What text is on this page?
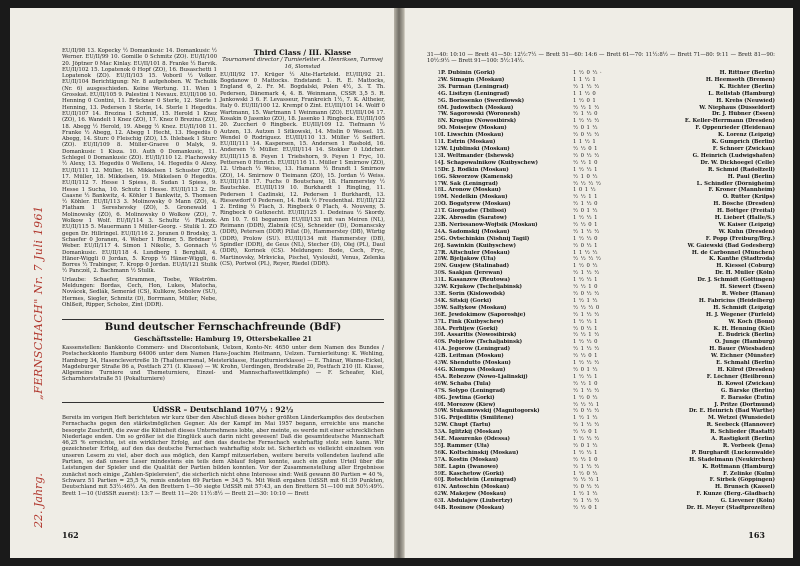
„FERNSCHACH" Nr. 7 Juli 1961
22. Jahrg.
EU/II/98 13. Kopecky ½ Domankusic 14. Domankusic ½ Werner. EU/II/99 10. Gomille 0 Schmitz (ZO). EU/II/100 20. Jöptner 0 Mac Kinlay. EU/II/101 8. Franke ½ Barvik. EU/II/102 15. Lopatenok 0 Hopf (ZO), 16. Busaschetti 1 Lopatenok (ZO). EU/II/103 15. Voboril ½ Volker. EU/II/104 Berichtigung: Nr. 8 aufgehoben. W. Tschulik (Nr. 6) ausgeschieden. Keine Wertung. 11. Wien 1 Grosskat. EU/II/105 9. Palestini 1 Nevaux. EU/II/106 10. Henning 0 Contini, 11. Brückner 0 Sterle, 12. Sterle 1 Henning, 13. Pedersen 1 Sterle, 14. Sterle 1 Hegedüs. EU/II/107 14. Brezina 1 Schmid, 15. Herold 1 Knez (ZO), 16. Wandelt 1 Knez (ZO), 17. Knez 0 Brezina (ZO), 18. Abegg ½ Herold, 19. Abegg ½ Knez. EU/II/108 11. Franke ½ Abegg, 12. Abegg 1 Hecht, 13. Hegedüs 0 Abegg, 14. Sturc 0 Fleischig (ZO), 15. Ihlebaek 1 Sturc (ZO). EU/II/109 8. Müller-Graeve 0 Malyk, 9. Domankusic 1 Kisza. 10. Auth 0 Domankusic, 11. Schlegel 0 Domankusic (ZO). EU/II/110 12. Flachowsky ½ Alexy, 13. Hegedüs 0 Wellens, 14. Hegedüs 0 Alexy. EU/II/111 12. Müller, 16. Mikkelsen 1 Schuster (ZO), 17. Müller, 18. Mikkelsen, 19. Mikkelsen 0 Hegedüs. EU/II/112 7. Hesse 1 Spiess, 8. Sudan 1 Spiess, 9. Hesse 1 Sucha, 10. Schutz 1 Hesse. EU/II/113 2. Dr. Caasne ½ Bankwitz, 4. Köhler 1 Bankwitz, 5. Thomsen ½ Köhler. EU/II/113 3. Molinowsky 0 Mann (ZO), 4. Flatham 1 Sereshevsky (ZO), 5. Gronewald 1 Molinowsky (ZO), 6. Molinowsky 0 Wolkow (ZO), 7. Wolkow 1 Wolf. EU/II/114 3. Schultz ½ Flatzek. EU/II/115 5. Mauermann 1 Müller-Georg. - Stulik 1. ZO gegen Dr. Hillringel. EU/II/116 2. Joranen 0 Brodsky, 3. Schaefer 0 Joranen, 4. Weber 1 Römer, 5. Brödner 1 Weber. EU/II/117 4. Simon 1 Nikolic, 5. Gonnach ½ Domankusic. EU/II/118 4. Lundberg 1 Berghäll, 4. Häner-Wiggli 0 Jordan, 5. Kropp ½ Häner-Wiggli, 6. Borres ½ Trabinger, 7. Kropp 0 Jordan. EU/II/121 Stulik ½ Panczél, 2. Bachmann ½ Stulik.
Urlaube: Schaefer, Strammen, Toebe, Wikström. Meldungen: Bordas, Cech, Hon, Lukes, Matocha, Novácek, Sedlák, Semerád (CS), Kulikow, Sobolew (SU), Hermes, Siegler, Schmitz (D), Borrmann, Müller, Nebe, Ohlßeit, Ripper, Scholze, Zint (DDR).
Third Class / III. Klasse
Tournament director / Turnierleiter A. Henriksen, Turmvej 16, Slomstad
EU/III/92 17. Krüger ½ Alte-Hartzfeld. EU/III/92 21. Bogdanow 0 Mattocks. Endstand: 1. R. E. Mattocks, England 6, 2. Fr. M. Bogdalski, Polen 4½, 3. T. Th. Pedersen, Dänemark 4, 4. B. Weinmann, CSSR 3,5 5. R. Jankowski 3 6. F. Levasseur, Frankreich 1½, 7. K. Altheier, Italy 0. EU/III/100 12. Krempf 0 Zint. EU/III/101 14. Wolff 0 Wartmann, 15. Wartmann 1 Weinmann (ZO). EU/III/104 17. Kosakin 0 Jasenko (ZO), 18. Jasenko 1 Ringbeck. EU/III/105 20. Zuccheri 0 Ringbeck. EU/III/109 12. Tiefmann ½ Autzen, 13. Autzen 1 Sitkowski, 14. Mislin 0 Wessel. 15. Wendel 0 Rodriguez. EU/III/110 13. Müller ½ Seiffert. EU/III/111 14. Kaspersen, 15. Andersen 1 Rasbold, 16. Andersen ½ Müller. EU/III/114 14. Stokker 0 Lüdcher. EU/III/115 8. Feyen 1 Triebshorn, 9. Feyen 1 Fryc, 10. Pettersen 0 Hinrich. EU/III/116 11. Müller 1 Smirnow (ZO), 12. Urbach ½ Weiss, 13. Hamann ½ Brandt 1 Smirnow (ZO), 14. Smirnow 0 Tieimann (ZO), 15. Jordan ½ Weiss. EU/III/118 17. Fuchs 0 Boutschaw, 18. Hammerstey ½ Bautschke. EU/III/119 10. Burkhardt 1 Ringling, 11. Pedersen 1 Cazlinski, 12. Pedersen 1 Burkhardt, 13. Riesewdorf 0 Pedersen, 14. Reik ½ Freudenthal. EU/III/122 2. Erding ½ Flach, 3. Ringbeck 0 Flach, 4. Nouveny, 5. Ringbeck 0 Gutknecht. EU/III/125 1. Dedeinau ½ Skordy. Am 10. 7. 61 begannen EU/III/133 mit van Meiren (NL), Reimann (DDR), Zlabnik (CS), Schneider (D), Domanscsky (DDR), Petersen (DDR) Pillat (D), Hammerstey (DB), Würtig (DDR), Prolow (SU). EU/III/134 mit Hammerstey (DB), Spindler (DDR), de Geus (NL), Stecher (D), Olej (PL), Daul (DDR), Korinek (CS). Meldungen: Bode, Cech, Fryc, Martinovsky, Mrkvicka, Pischel, Vysloužil, Venus, Zelenka (CS), Portwol (PL), Reyer, Riedel (DDR).
Bund deutscher Fernschachfreunde (BdF)
Geschäftsstelle: Hamburg 19, Ottersbekallee 21
Kassenstellen: Bankkonto Commerz- und Discontobank, Uelzen, Konto-Nr. 4650 unter dem Namen des Bundes / Postscheckkonto Hamburg 64006 unter dem Namen Hans-Joachim Heitmann, Uelzen. Turnierleitung: K. Wehling, Hamburg 34, Hasenclevertreße 1b (Thaltenernenal, Meisterklasse, Hauptturnierklasse) — E. Thänar, Wanne-Eickel, Magdeburger Straße 86 a, Postfach 271 (I. Klasse) — W. Krohn, Uerdingen, Brodstraße 20, Postfach 210 (II. Klasse, Allgemeine Turniere und Themeturniere, Einzel- und Mannschaftswettkämpfe) — F. Scheafer, Kiel, Scharnhorststraße 51 (Pokalturniere)
UdSSR – Deutschland 107½ : 92½
Bereits im vorigen Heft berichteten wir kurz über den Abschluß dieses bisher größten Länderkampfes des deutschen Fernschachs gegen den stärkstmöglichen Gegner. Als der Kampf im Mai 1957 begann, erreichte uns manche besorgte Zuschrift, die zwar die Kühnheit dieses Unternehmens lobte, aber meinte, es werde mit einer schrecklichen Niederlage enden. Um so größer ist die Einglück auch darin nicht gewesen! Daß die gesamtdeutsche Mannschaft 46,25 % erreichte, ist ein wirklicher Erfolg, auf den das deutsche Fernschach wahrhaftig stolz sein kann. Wir gezeichneter Erfolg, auf den das deutsche Fernschach wahrhaftig stolz ist. Sicherlich es vielleicht einzelnen von unseren Lesern zu viel, aber doch aus möglich, den Kampf mitzuerleben, weitere bereits vollendeten laufend alle Partien, so daß unsere Leser mindestens ein teils dem Ablauf folgen konnte, auch ein guten Urteil über die Leistungen der Spieler und die Qualität der Partien bilden konnten. Vor der Zusammenstellung aller Ergebnisse zunächst noch einige „Zahlen-Spielereien", die sicherlich nicht ohne Interesse sind: Weiß gewann 80 Partien = 40 %, Schwarz 51 Partien = 25,5 %, remis endeten 69 Partien = 34,5 %. Mit Weiß ergaben UdSSR mit 61:39 Punkten, Deutschland mit 53½:46½. An den Brettern 1—50 siegte UdSSR mit 57:43, an den Brettern 51—100 mit 50½:49½. Brett 1—10 (UdSSR zuerst): 13:7 — Brett 11—20: 11½:8½ — Brett 21—30: 10:10 — Brett
162
31—40: 10:10 — Brett 41—50: 12½:7½ — Brett 51—60: 14:6 — Brett 61—70: 11½:8½ — Brett 71—80: 9:11 — Brett 81—90: 10½:9½ — Brett 91—100: 5½:14½.
1	P. Dubinin (Gorki)	1 ½ 0 ½ ·	H. Rittner (Berlin)
2	W. Simagin (Moskau)	1 1 ½ 1	H. Heemsoth (Bremen)
3	S. Furman (Leningrad)	½ 1 ½ ½	K. Richter (Berlin)
4	G. Lisitzyn (Leningrad)	1 1 ½ 0	L. Rellstab (Hamburg)
5	G. Borissenko (Swerdlowsk)	1 ½ 0 1	H. Krebs (Neuwied)
6	M. Judowitsch (Moskau)	½ ½ 1 ½	W. Niephaus (Düsseldorf)
7	W. Sagorowski (Woronesh)	½ 1 ½ 0	Dr. J. Hübner (Essen)
8	N. Krogius (Nowosibirsk)	1 ½ ½ ½	E. Keller-Herrmann (Dresden)
9	O. Moisejew (Moskau)	½ 0 1 ½	F. Oppenrieder (Heidenau)
10	I. Liwschin (Moskau)	½ 0 ½ ½	K. Lorenz (Leipzig)
11	I. Estrin (Moskau)	1 1 ½ 1	K. Gumprich (Berlin)
12	W. Ljublinski (Moskau)	½ ½ 0 1	F. Schnorr (Zwickau)
13	I. Weltmander (Ishewsk)	½ 0 ½ ½	G. Heinrich (Ludwigshafen)
14	J. Schapowalnikow (Kuibyschew)	½ ½ 1 0	Dr. W. Dickhoegel (Celle)
15	Dr. J. Rodkin (Moskau)	1 ½ ½ 1	R. Schmid (Radolfzell)
16	G. Skworzow (Kamensk)	½ 1 0 ½	H. Paul (Berlin)
17	W. Sak (Leningrad)	½ ½ ½ ½	L. Schindler (Dörnigheim)
18	L. Aronow (Moskau)	1 0 1 ½	F. Kroner (Mannheim)
19	M. Nedelkin (Moskau)	½ ½ 1 1	O. Rütter (Krilps)
20	O. Bogatyrew (Moskau)	½ 1 ½ 0	H. Bösche (Dresden)
21	T. Giorgadse (Tbilissi)	½ 0 1 ½	H. Böttger (Freital)
22	K. Abrosdin (Saratow)	1 ½ ½ 1	H. Liebert (Halle/S.)
23	B. Nerissanow-Wojtsik (Moskau)	½ ½ 0 1	W. Kaiser (Leipzig)
24	A. Sadomskij (Moskau)	½ 1 ½ ½	W. Kuhn (Dresden)
25	G. Ovtschinkin (Nishnij Tagil)	1 ½ ½ 0	F. Popp (Freiburg/Brg.)
26	J. Sawinkin (Kuibyschew)	½ 0 ½ 1	W. Gaiewski (Bad Godesberg)
27	R. Altschuler (Moskau)	1 1 ½ ½	H. de Carbonnel (München)
28	W. Bjeljakow (Ufa)	½ ½ ½ ½	K. Kanthe (Stadtroda)
29	N. Gusjew (Stalinabad)	1 ½ 0 ½	H. Kiessel (Coburg)
30	S. Saakjan (Jerewan)	½ 1 ½ ½	Dr. H. Müller (Köln)
31	L. Kasanzew (Reutowa)	1 ½ ½ 1	Dr. J. Schmidt (Göttingen)
32	W. Krjukow (Tscheljabinsk)	½ ½ 1 0	H. Siewert (Essen)
33	E. Sorin (Kislowodsk)	½ 0 ½ ½	R. Weber (Hanau)
34	K. Sitskij (Gorki)	1 ½ 1 ½	H. Fabricius (Heidelberg)
35	W. Saltykow (Moskau)	½ ½ ½ 0	H. Schmidt (Leipzig)
36	E. Jewdokimow (Saporoshje)	½ 1 ½ ½	H. J. Wegener (Fürfeld)
37	L. Fink (Kuibyschew)	1 ½ ½ 1	W. Koch (Bonn)
38	A. Perfiljew (Gorki)	½ 0 ½ 1	K. H. Henning (Kiel)
39	I. Assaritis (Nowosibirsk)	½ ½ 1 ½	E. Budrick (Berlin)
40	S. Pobjelow (Tschaljabinsk)	1 ½ ½ 0	O. Junge (Hamburg)
41	A. Jegorow (Leningrad)	½ 1 ½ ½	H. Bauer (Wiesbaden)
42	B. Leitman (Moskau)	½ ½ 0 1	W. Eichner (Münster)
43	W. Shendutto (Moskau)	1 ½ ½ ½	E. Schmahl (Berlin)
44	G. Klompus (Moskau)	½ 0 1 ½	H. Kilrof (Dresden)
45	A. Rebezow (Nowo-Ljalinskij)	1 ½ ½ 1	F. Löchner (Heilbronn)
46	W. Schaba (Tula)	½ ½ 1 0	B. Kowol (Zwickau)
47	S. Solypo (Leningrad)	½ 1 ½ ½	G. Bärske (Berlin)
48	G. Jewtina (Gorki)	1 ½ 0 ½	F. Baraske (Eutin)
49	I. Morozow (Kiew)	½ ½ ½ 1	J. Pritze (Dortmund)
50	W. Stukamowskij (Magnitogorsk)	½ 0 ½ ½	Dr. E. Heinrich (Bad Warthe)
51	G. Prijedlitis (Smilitene)	1 ½ 1 ½	M. Wetzel (Wunsiedel)
52	W. Chupt (Tartu)	½ 1 ½ ½	R. Seebeck (Hannover)
53	A. Iglitzkij (Moskau)	½ ½ 0 1	R. Schlieder (Rastatt)
54	E. Masurenko (Odessa)	1 ½ ½ ½	A. Rastigkeit (Berlin)
55	J. Rammer (Ufa)	½ 0 1 ½	R. Vorbeek (Jena)
56	K. Koltschinskij (Moskau)	1 ½ ½ 1	P. Burghardt (Luckenwalde)
57	A. Kostin (Moskau)	½ ½ 1 0	H. Stadelmann (Neukirchen)
58	E. Lapin (Iwanowo)	½ 1 ½ ½	K. Rottmann (Hamburg)
59	E. Kaschetow (Gorki)	1 ½ 0 ½	F. Zelinke (Kulm)
60	J. Rotschtein (Leningrad)	½ ½ ½ 1	F. Sirbek (Göppingen)
61	N. Antoschin (Moskau)	½ 0 ½ ½	H. Brunsch (Kassel)
62	W. Makejew (Moskau)	1 ½ 1 ½	F. Kunze (Berg.-Gladbach)
63	I. Abdulajew (Liubertzy)	½ 1 ½ ½	G. Lievener (Köln)
64	B. Rosinow (Moskau)	½ ½ 0 1	Dr. H. Meyer (Stadtprozelten)
163
